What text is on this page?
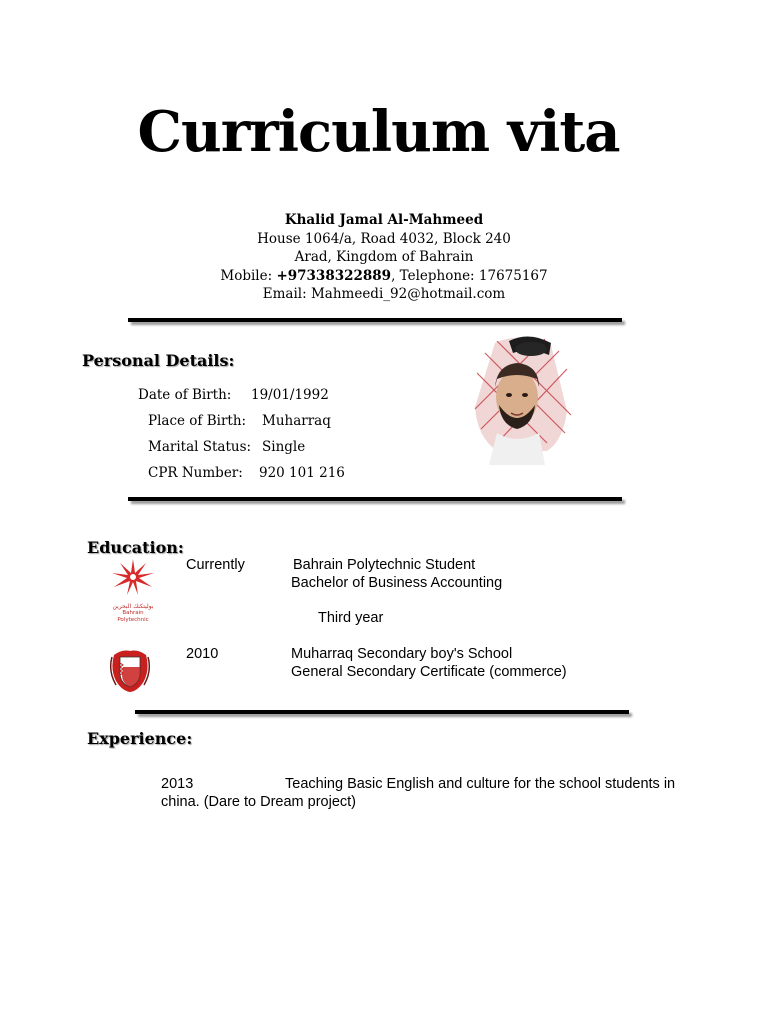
Curriculum vita
Khalid Jamal Al-Mahmeed
House 1064/a, Road 4032, Block 240
Arad, Kingdom of Bahrain
Mobile: +97338322889, Telephone: 17675167
Email: Mahmeedi_92@hotmail.com
Personal Details:
Date of Birth: 19/01/1992
Place of Birth: Muharraq
Marital Status: Single
CPR Number: 920 101 216
Education:
بوليتكنك البحرين
Bahrain Polytechnic
Currently	Bahrain Polytechnic Student
Bachelor of Business Accounting
Third year
2010	Muharraq Secondary boy's School
General Secondary Certificate (commerce)
Experience:
2013	Teaching Basic English and culture for the school students in
china. (Dare to Dream project)
